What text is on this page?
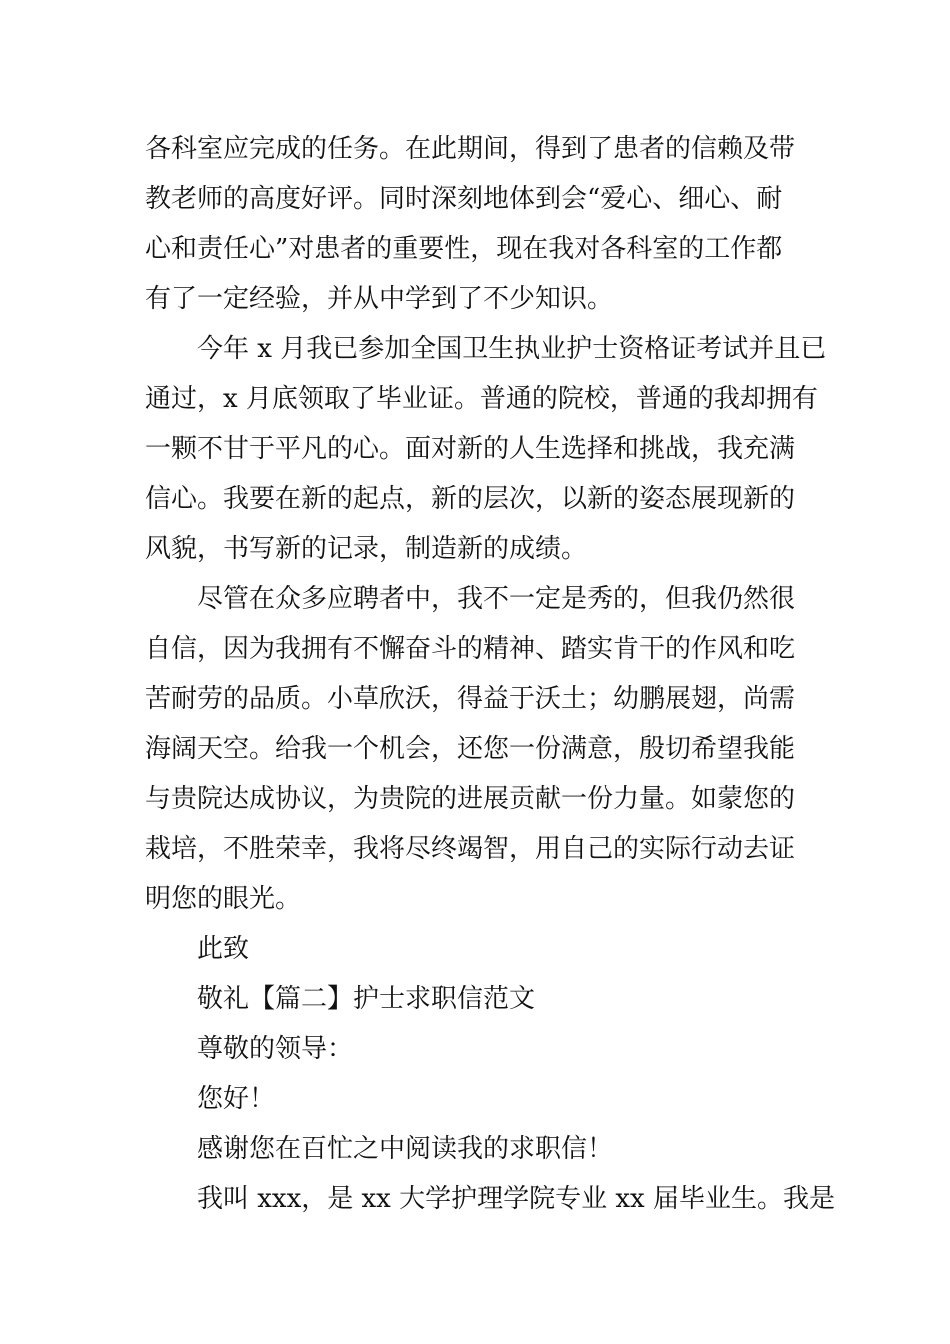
各科室应完成的任务。在此期间，得到了患者的信赖及带
教老师的高度好评。同时深刻地体到会“爱心、细心、耐
心和责任心”对患者的重要性，现在我对各科室的工作都
有了一定经验，并从中学到了不少知识。
今年 x 月我已参加全国卫生执业护士资格证考试并且已
通过，x 月底领取了毕业证。普通的院校，普通的我却拥有
一颗不甘于平凡的心。面对新的人生选择和挑战，我充满
信心。我要在新的起点，新的层次，以新的姿态展现新的
风貌，书写新的记录，制造新的成绩。
尽管在众多应聘者中，我不一定是秀的，但我仍然很
自信，因为我拥有不懈奋斗的精神、踏实肯干的作风和吃
苦耐劳的品质。小草欣沃，得益于沃土；幼鹏展翅，尚需
海阔天空。给我一个机会，还您一份满意，殷切希望我能
与贵院达成协议，为贵院的进展贡献一份力量。如蒙您的
栽培，不胜荣幸，我将尽终竭智，用自己的实际行动去证
明您的眼光。
此致
敬礼【篇二】护士求职信范文
尊敬的领导：
您好！
感谢您在百忙之中阅读我的求职信！
我叫 xxx，是 xx 大学护理学院专业 xx 届毕业生。我是
